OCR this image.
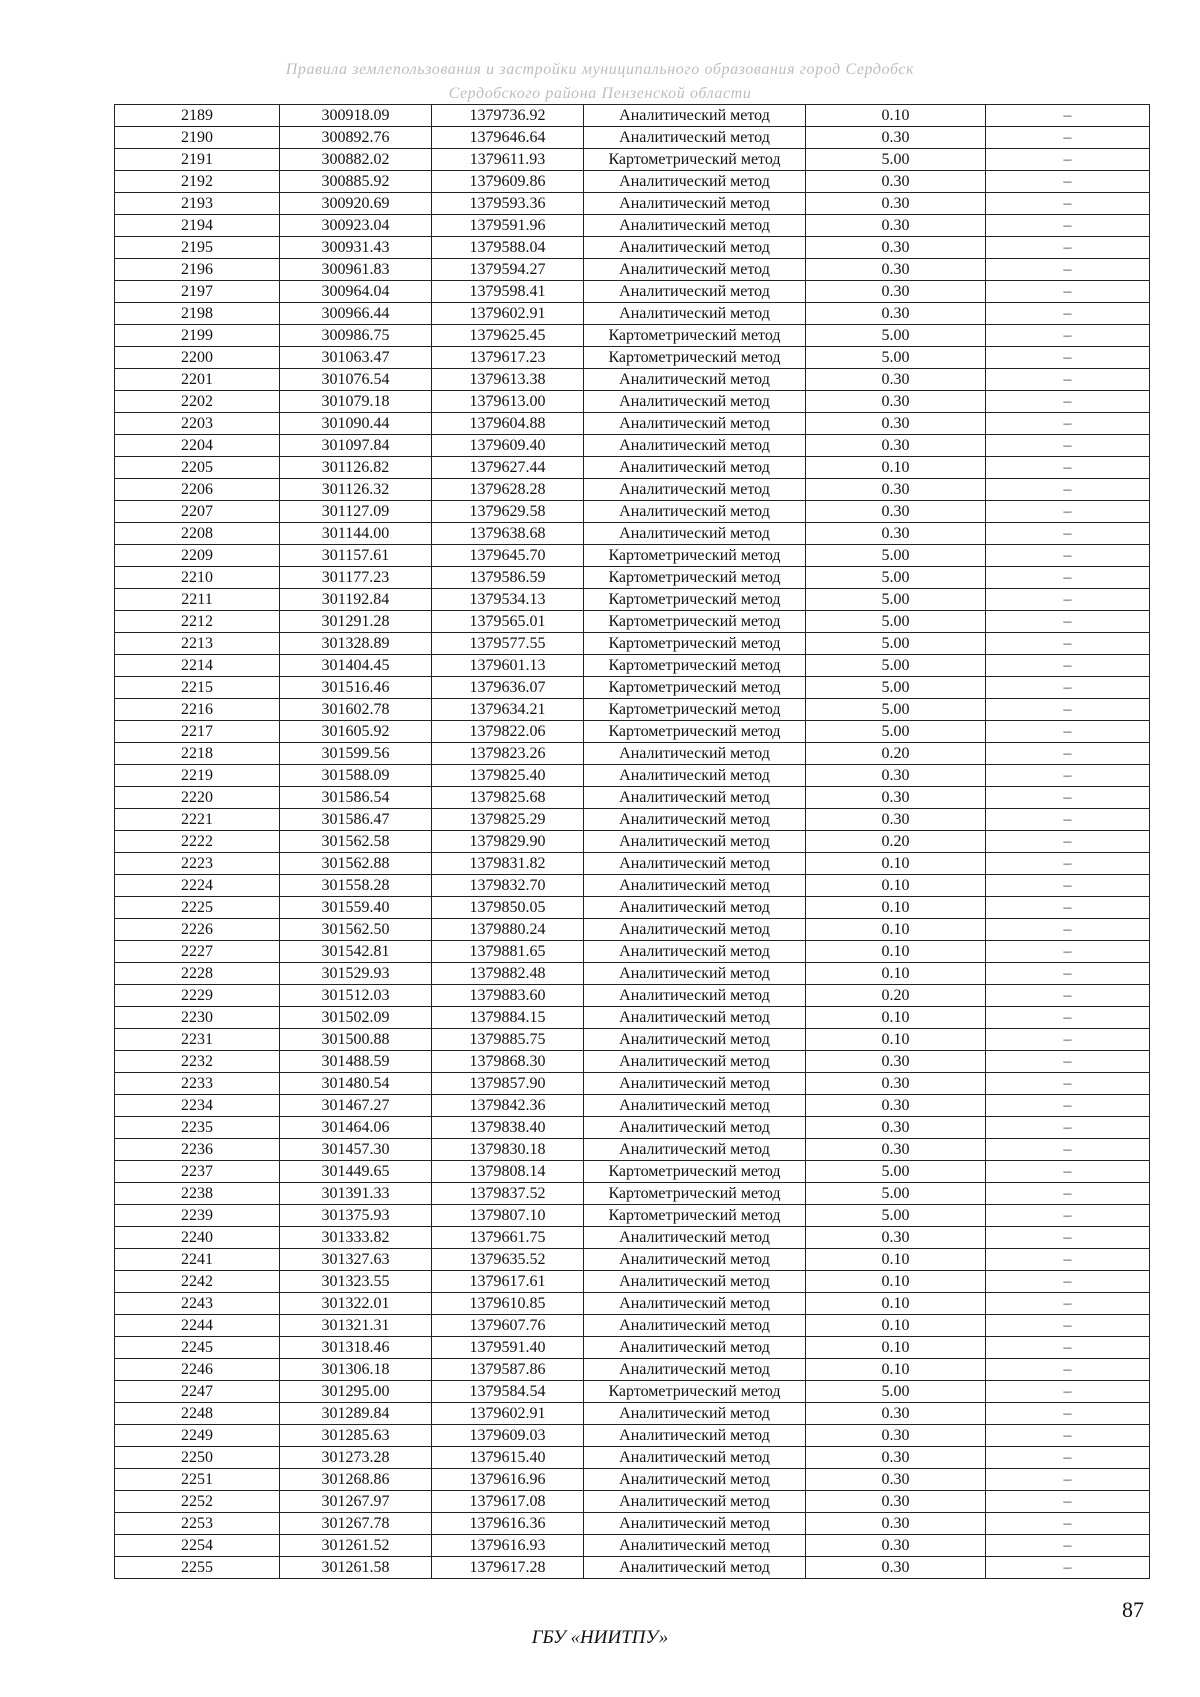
Правила землепользования и застройки муниципального образования город Сердобск
Сердобского района Пензенской области
2189	300918.09	1379736.92	Аналитический метод	0.10	–
2190	300892.76	1379646.64	Аналитический метод	0.30	–
2191	300882.02	1379611.93	Картометрический метод	5.00	–
2192	300885.92	1379609.86	Аналитический метод	0.30	–
2193	300920.69	1379593.36	Аналитический метод	0.30	–
2194	300923.04	1379591.96	Аналитический метод	0.30	–
2195	300931.43	1379588.04	Аналитический метод	0.30	–
2196	300961.83	1379594.27	Аналитический метод	0.30	–
2197	300964.04	1379598.41	Аналитический метод	0.30	–
2198	300966.44	1379602.91	Аналитический метод	0.30	–
2199	300986.75	1379625.45	Картометрический метод	5.00	–
2200	301063.47	1379617.23	Картометрический метод	5.00	–
2201	301076.54	1379613.38	Аналитический метод	0.30	–
2202	301079.18	1379613.00	Аналитический метод	0.30	–
2203	301090.44	1379604.88	Аналитический метод	0.30	–
2204	301097.84	1379609.40	Аналитический метод	0.30	–
2205	301126.82	1379627.44	Аналитический метод	0.10	–
2206	301126.32	1379628.28	Аналитический метод	0.30	–
2207	301127.09	1379629.58	Аналитический метод	0.30	–
2208	301144.00	1379638.68	Аналитический метод	0.30	–
2209	301157.61	1379645.70	Картометрический метод	5.00	–
2210	301177.23	1379586.59	Картометрический метод	5.00	–
2211	301192.84	1379534.13	Картометрический метод	5.00	–
2212	301291.28	1379565.01	Картометрический метод	5.00	–
2213	301328.89	1379577.55	Картометрический метод	5.00	–
2214	301404.45	1379601.13	Картометрический метод	5.00	–
2215	301516.46	1379636.07	Картометрический метод	5.00	–
2216	301602.78	1379634.21	Картометрический метод	5.00	–
2217	301605.92	1379822.06	Картометрический метод	5.00	–
2218	301599.56	1379823.26	Аналитический метод	0.20	–
2219	301588.09	1379825.40	Аналитический метод	0.30	–
2220	301586.54	1379825.68	Аналитический метод	0.30	–
2221	301586.47	1379825.29	Аналитический метод	0.30	–
2222	301562.58	1379829.90	Аналитический метод	0.20	–
2223	301562.88	1379831.82	Аналитический метод	0.10	–
2224	301558.28	1379832.70	Аналитический метод	0.10	–
2225	301559.40	1379850.05	Аналитический метод	0.10	–
2226	301562.50	1379880.24	Аналитический метод	0.10	–
2227	301542.81	1379881.65	Аналитический метод	0.10	–
2228	301529.93	1379882.48	Аналитический метод	0.10	–
2229	301512.03	1379883.60	Аналитический метод	0.20	–
2230	301502.09	1379884.15	Аналитический метод	0.10	–
2231	301500.88	1379885.75	Аналитический метод	0.10	–
2232	301488.59	1379868.30	Аналитический метод	0.30	–
2233	301480.54	1379857.90	Аналитический метод	0.30	–
2234	301467.27	1379842.36	Аналитический метод	0.30	–
2235	301464.06	1379838.40	Аналитический метод	0.30	–
2236	301457.30	1379830.18	Аналитический метод	0.30	–
2237	301449.65	1379808.14	Картометрический метод	5.00	–
2238	301391.33	1379837.52	Картометрический метод	5.00	–
2239	301375.93	1379807.10	Картометрический метод	5.00	–
2240	301333.82	1379661.75	Аналитический метод	0.30	–
2241	301327.63	1379635.52	Аналитический метод	0.10	–
2242	301323.55	1379617.61	Аналитический метод	0.10	–
2243	301322.01	1379610.85	Аналитический метод	0.10	–
2244	301321.31	1379607.76	Аналитический метод	0.10	–
2245	301318.46	1379591.40	Аналитический метод	0.10	–
2246	301306.18	1379587.86	Аналитический метод	0.10	–
2247	301295.00	1379584.54	Картометрический метод	5.00	–
2248	301289.84	1379602.91	Аналитический метод	0.30	–
2249	301285.63	1379609.03	Аналитический метод	0.30	–
2250	301273.28	1379615.40	Аналитический метод	0.30	–
2251	301268.86	1379616.96	Аналитический метод	0.30	–
2252	301267.97	1379617.08	Аналитический метод	0.30	–
2253	301267.78	1379616.36	Аналитический метод	0.30	–
2254	301261.52	1379616.93	Аналитический метод	0.30	–
2255	301261.58	1379617.28	Аналитический метод	0.30	–
87
ГБУ «НИИТПУ»
